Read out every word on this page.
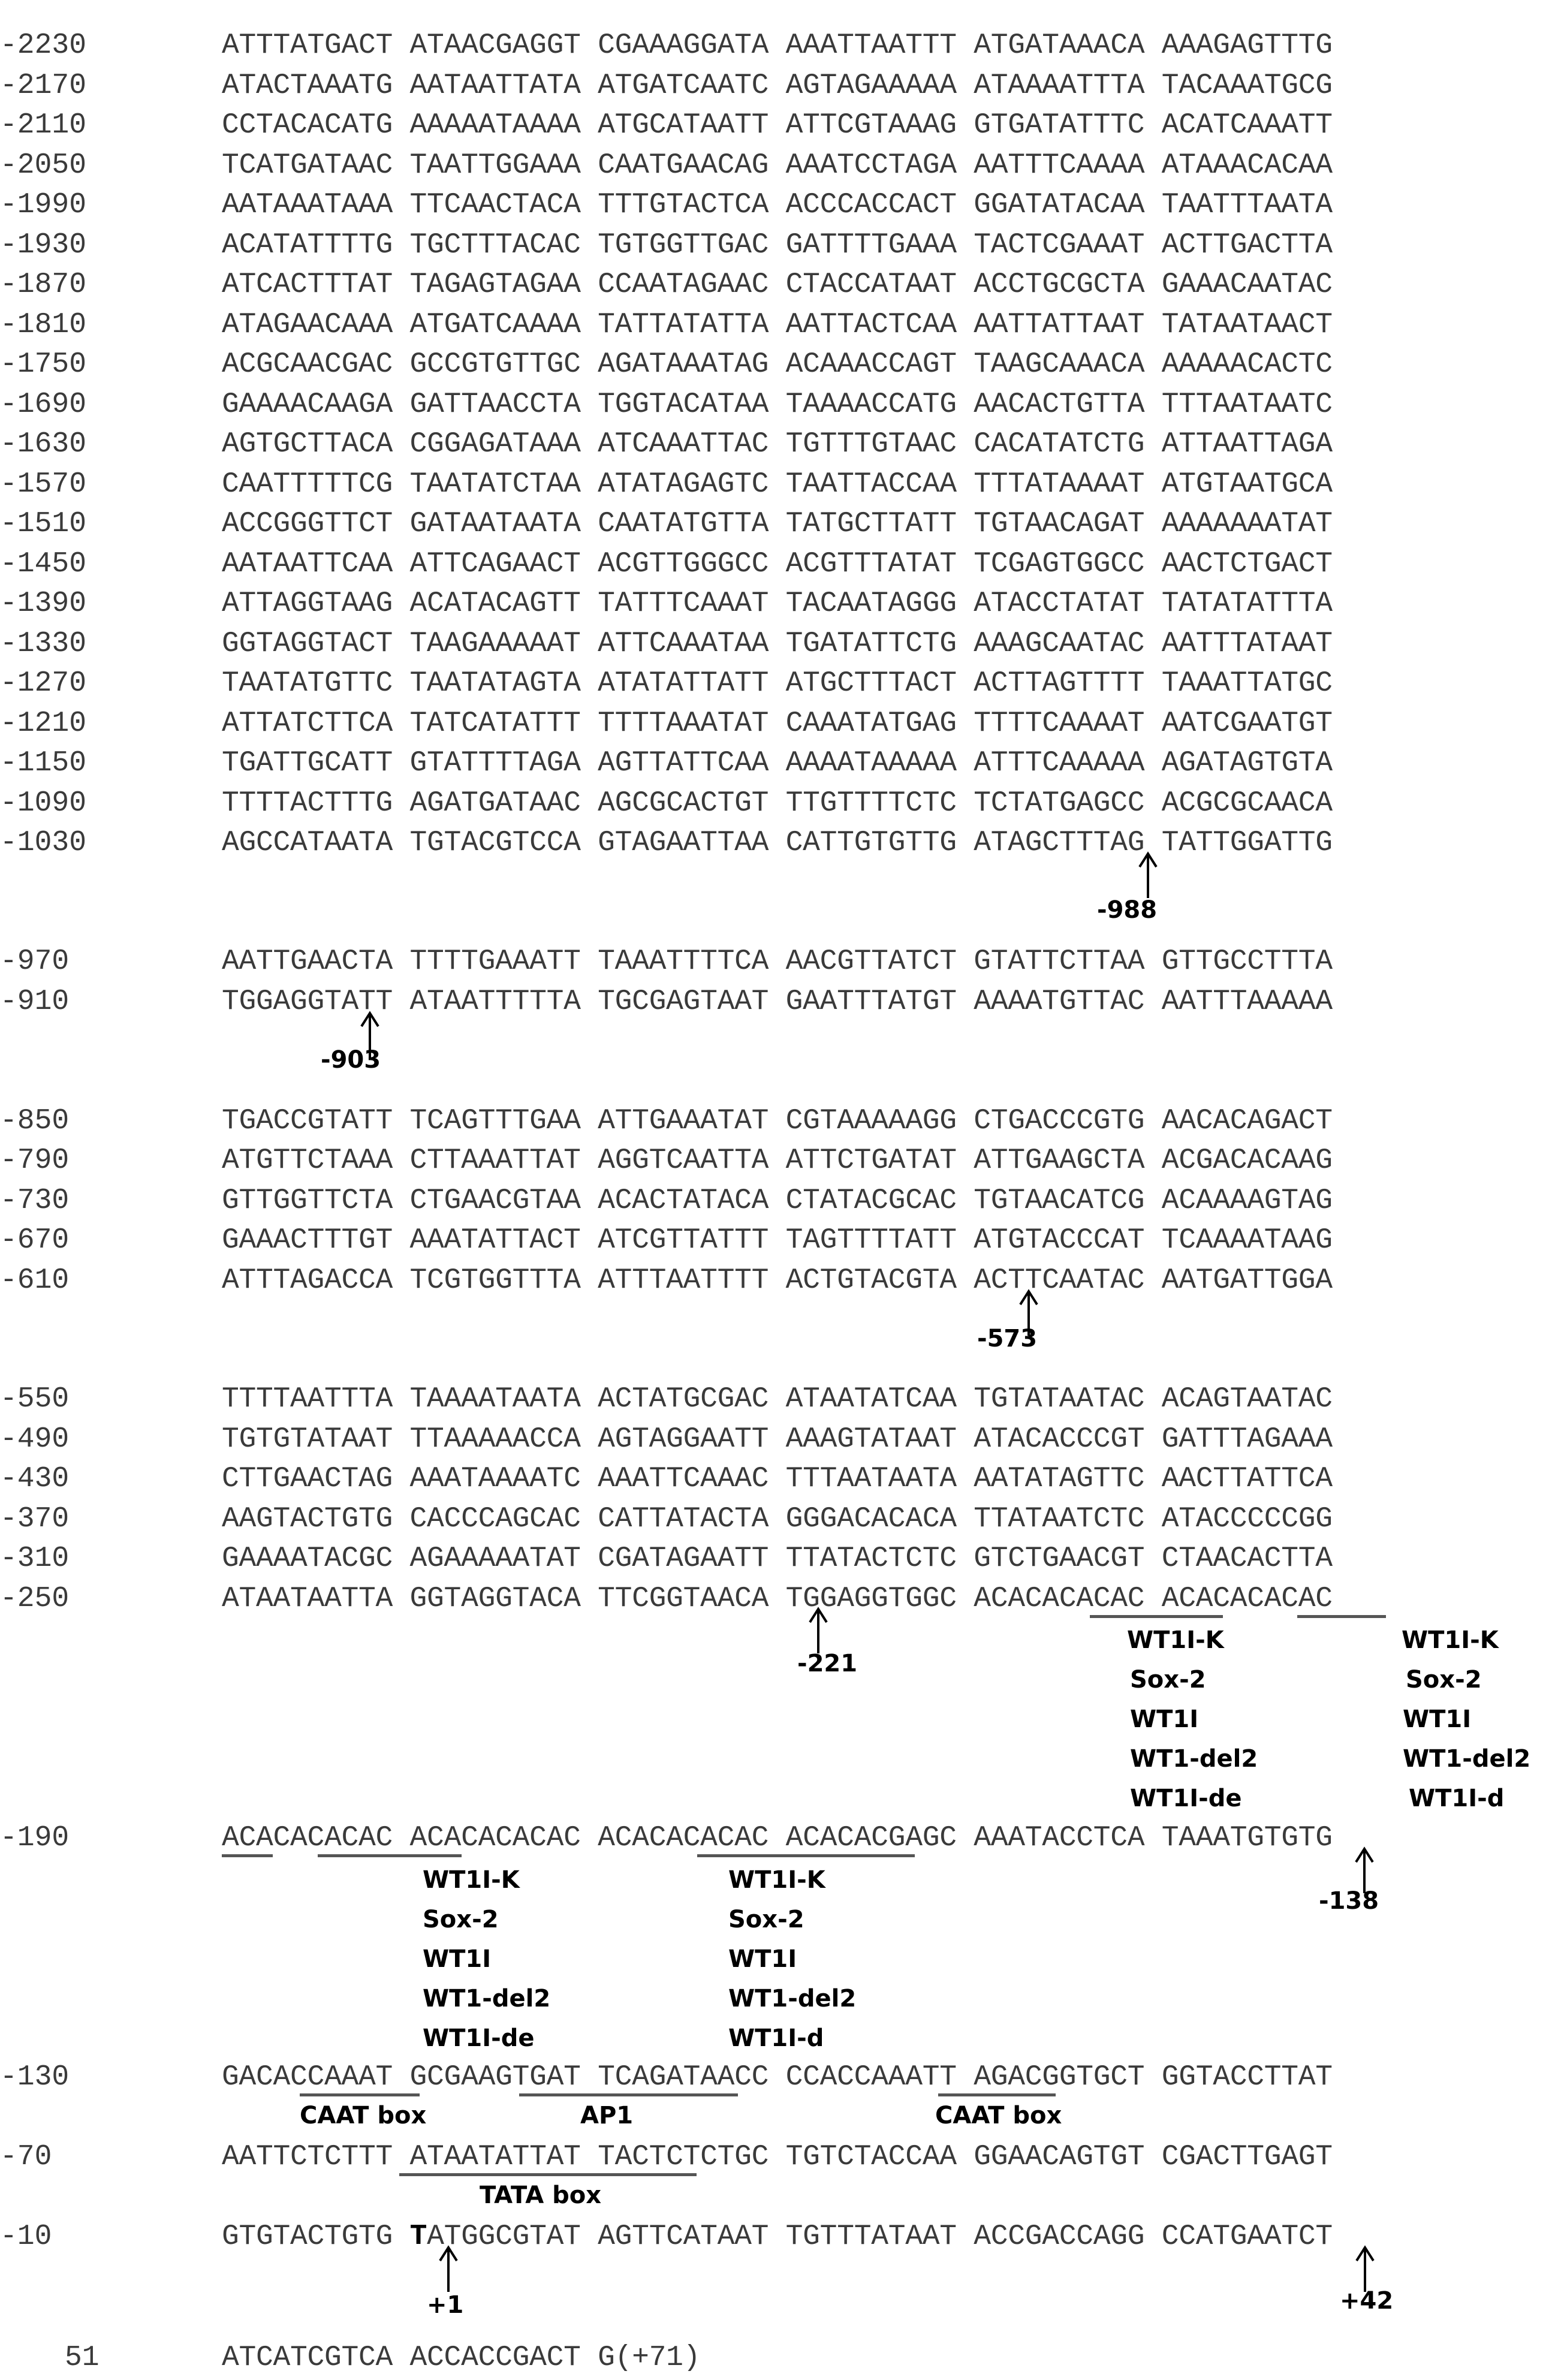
-2230	ATTTATGACT ATAACGAGGT CGAAAGGATA AAATTAATTT ATGATAAACA AAAGAGTTTG
-2170	ATACTAAATG AATAATTATA ATGATCAATC AGTAGAAAAA ATAAAATTTA TACAAATGCG
-2110	CCTACACATG AAAAATAAAA ATGCATAATT ATTCGTAAAG GTGATATTTC ACATCAAATT
-2050	TCATGATAAC TAATTGGAAA CAATGAACAG AAATCCTAGA AATTTCAAAA ATAAACACAA
-1990	AATAAATAAA TTCAACTACA TTTGTACTCA ACCCACCACT GGATATACAA TAATTTAATA
-1930	ACATATTTTG TGCTTTACAC TGTGGTTGAC GATTTTGAAA TACTCGAAAT ACTTGACTTA
-1870	ATCACTTTAT TAGAGTAGAA CCAATAGAAC CTACCATAAT ACCTGCGCTA GAAACAATAC
-1810	ATAGAACAAA ATGATCAAAA TATTATATTA AATTACTCAA AATTATTAAT TATAATAACT
-1750	ACGCAACGAC GCCGTGTTGC AGATAAATAG ACAAACCAGT TAAGCAAACA AAAAACACTC
-1690	GAAAACAAGA GATTAACCTA TGGTACATAA TAAAACCATG AACACTGTTA TTTAATAATC
-1630	AGTGCTTACA CGGAGATAAA ATCAAATTAC TGTTTGTAAC CACATATCTG ATTAATTAGA
-1570	CAATTTTTCG TAATATCTAA ATATAGAGTC TAATTACCAA TTTATAAAAT ATGTAATGCA
-1510	ACCGGGTTCT GATAATAATA CAATATGTTA TATGCTTATT TGTAACAGAT AAAAAAATAT
-1450	AATAATTCAA ATTCAGAACT ACGTTGGGCC ACGTTTATAT TCGAGTGGCC AACTCTGACT
-1390	ATTAGGTAAG ACATACAGTT TATTTCAAAT TACAATAGGG ATACCTATAT TATATATTTA
-1330	GGTAGGTACT TAAGAAAAAT ATTCAAATAA TGATATTCTG AAAGCAATAC AATTTATAAT
-1270	TAATATGTTC TAATATAGTA ATATATTATT ATGCTTTACT ACTTAGTTTT TAAATTATGC
-1210	ATTATCTTCA TATCATATTT TTTTAAATAT CAAATATGAG TTTTCAAAAT AATCGAATGT
-1150	TGATTGCATT GTATTTTAGA AGTTATTCAA AAAATAAAAA ATTTCAAAAA AGATAGTGTA
-1090	TTTTACTTTG AGATGATAAC AGCGCACTGT TTGTTTTCTC TCTATGAGCC ACGCGCAACA
-1030	AGCCATAATA TGTACGTCCA GTAGAATTAA CATTGTGTTG ATAGCTTTAG TATTGGATTG
-988
-970	AATTGAACTA TTTTGAAATT TAAATTTTCA AACGTTATCT GTATTCTTAA GTTGCCTTTA
-910	TGGAGGTATT ATAATTTTTA TGCGAGTAAT GAATTTATGT AAAATGTTAC AATTTAAAAA
-903
-850	TGACCGTATT TCAGTTTGAA ATTGAAATAT CGTAAAAAGG CTGACCCGTG AACACAGACT
-790	ATGTTCTAAA CTTAAATTAT AGGTCAATTA ATTCTGATAT ATTGAAGCTA ACGACACAAG
-730	GTTGGTTCTA CTGAACGTAA ACACTATACA CTATACGCAC TGTAACATCG ACAAAAGTAG
-670	GAAACTTTGT AAATATTACT ATCGTTATTT TAGTTTTATT ATGTACCCAT TCAAAATAAG
-610	ATTTAGACCA TCGTGGTTTA ATTTAATTTT ACTGTACGTA ACTTCAATAC AATGATTGGA
-573
-550	TTTTAATTTA TAAAATAATA ACTATGCGAC ATAATATCAA TGTATAATAC ACAGTAATAC
-490	TGTGTATAAT TTAAAAACCA AGTAGGAATT AAAGTATAAT ATACACCCGT GATTTAGAAA
-430	CTTGAACTAG AAATAAAATC AAATTCAAAC TTTAATAATA AATATAGTTC AACTTATTCA
-370	AAGTACTGTG CACCCAGCAC CATTATACTA GGGACACACA TTATAATCTC ATACCCCCGG
-310	GAAAATACGC AGAAAAATAT CGATAGAATT TTATACTCTC GTCTGAACGT CTAACACTTA
-250	ATAATAATTA GGTAGGTACA TTCGGTAACA TGGAGGTGGC ACACACACAC ACACACACAC
-221
WT1I-K
Sox-2
WT1I
WT1-del2
WT1I-de
WT1I-K
Sox-2
WT1I
WT1-del2
WT1I-d
-190	ACACACACAC ACACACACAC ACACACACAC ACACACGAGC AAATACCTCA TAAATGTGTG
-138
WT1I-K
Sox-2
WT1I
WT1-del2
WT1I-de
WT1I-K
Sox-2
WT1I
WT1-del2
WT1I-d
-130	GACACCAAAT GCGAAGTGAT TCAGATAACC CCACCAAATT AGACGGTGCT GGTACCTTAT
CAAT box	AP1	CAAT box
-70	AATTCTCTTT ATAATATTAT TACTCTCTGC TGTCTACCAA GGAACAGTGT CGACTTGAGT
TATA box
-10	GTGTACTGTG TATGGCGTAT AGTTCATAAT TGTTTATAAT ACCGACCAGG CCATGAATCT
+1	+42
51	ATCATCGTCA ACCACCGACT G(+71)
